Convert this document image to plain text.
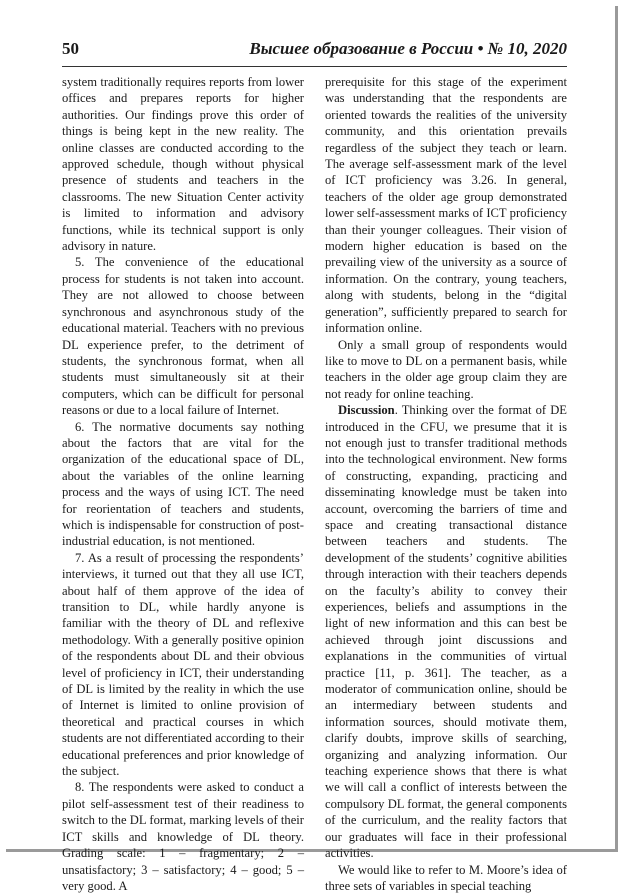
50	Высшее образование в России • № 10, 2020

system traditionally requires reports from lower offices and prepares reports for higher authorities. Our findings prove this order of things is being kept in the new reality. The online classes are conducted according to the approved schedule, though without physical presence of students and teachers in the classrooms. The new Situation Center activity is limited to information and advisory functions, while its technical support is only advisory in nature.

5. The convenience of the educational process for students is not taken into account. They are not allowed to choose between synchronous and asynchronous study of the educational material. Teachers with no previous DL experience prefer, to the detriment of students, the synchronous format, when all students must simultaneously sit at their computers, which can be difficult for personal reasons or due to a local failure of Internet.

6. The normative documents say nothing about the factors that are vital for the organization of the educational space of DL, about the variables of the online learning process and the ways of using ICT. The need for reorientation of teachers and students, which is indispensable for construction of post-industrial education, is not mentioned.

7. As a result of processing the respondents’ interviews, it turned out that they all use ICT, about half of them approve of the idea of transition to DL, while hardly anyone is familiar with the theory of DL and reflexive methodology. With a generally positive opinion of the respondents about DL and their obvious level of proficiency in ICT, their understanding of DL is limited by the reality in which the use of Internet is limited to online provision of theoretical and practical courses in which students are not differentiated according to their educational preferences and prior knowledge of the subject.

8. The respondents were asked to conduct a pilot self-assessment test of their readiness to switch to the DL format, marking levels of their ICT skills and knowledge of DL theory. Grading scale: 1 – fragmentary; 2 – unsatisfactory; 3 – satisfactory; 4 – good; 5 – very good. A

prerequisite for this stage of the experiment was understanding that the respondents are oriented towards the realities of the university community, and this orientation prevails regardless of the subject they teach or learn. The average self-assessment mark of the level of ICT proficiency was 3.26. In general, teachers of the older age group demonstrated lower self-assessment marks of ICT proficiency than their younger colleagues. Their vision of modern higher education is based on the prevailing view of the university as a source of information. On the contrary, young teachers, along with students, belong in the “digital generation”, sufficiently prepared to search for information online.

Only a small group of respondents would like to move to DL on a permanent basis, while teachers in the older age group claim they are not ready for online teaching.

Discussion. Thinking over the format of DE introduced in the CFU, we presume that it is not enough just to transfer traditional methods into the technological environment. New forms of constructing, expanding, practicing and disseminating knowledge must be taken into account, overcoming the barriers of time and space and creating transactional distance between teachers and students. The development of the students’ cognitive abilities through interaction with their teachers depends on the faculty’s ability to convey their experiences, beliefs and assumptions in the light of new information and this can best be achieved through joint discussions and explanations in the communities of virtual practice [11, p. 361]. The teacher, as a moderator of communication online, should be an intermediary between students and information sources, should motivate them, clarify doubts, improve skills of searching, organizing and analyzing information. Our teaching experience shows that there is what we will call a conflict of interests between the compulsory DL format, the general components of the curriculum, and the reality factors that our graduates will face in their professional activities.

We would like to refer to M. Moore’s idea of three sets of variables in special teaching
